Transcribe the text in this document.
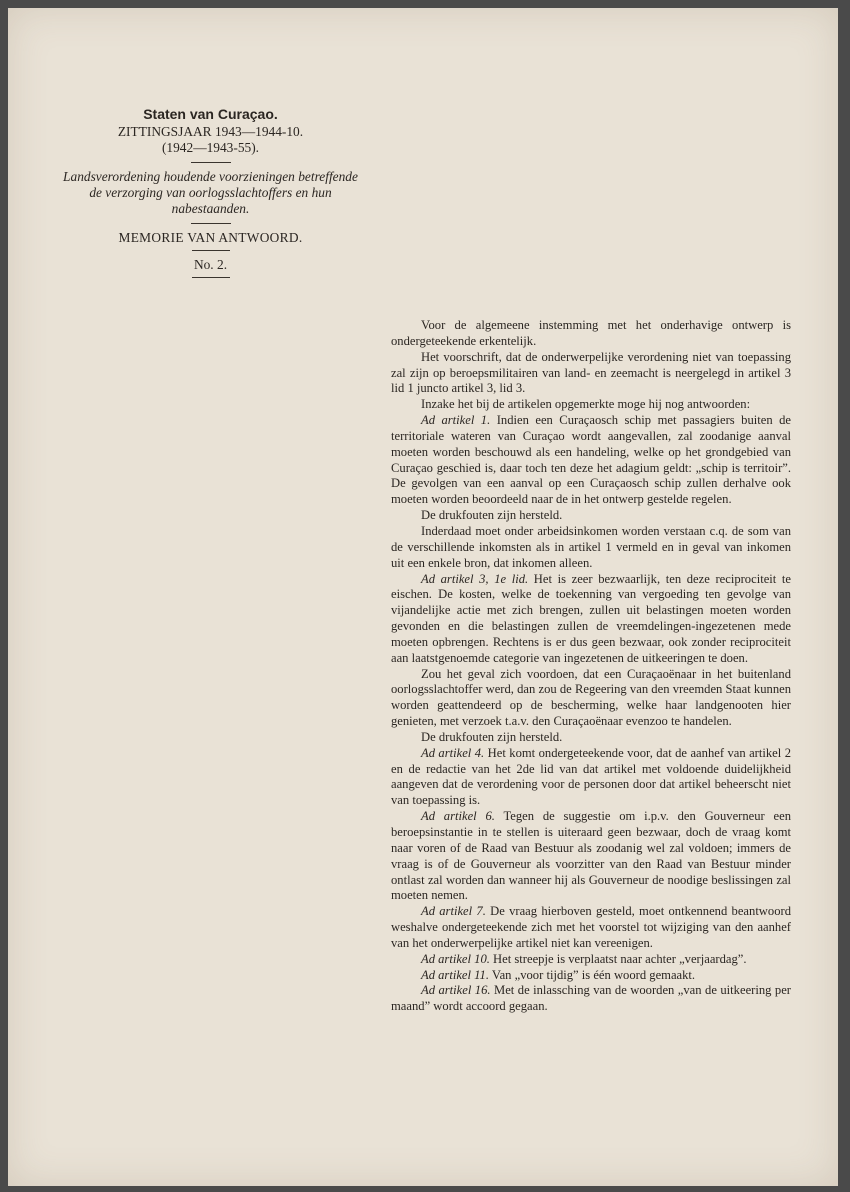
Staten van Curaçao.
ZITTINGSJAAR 1943—1944-10.
(1942—1943-55).
Landsverordening houdende voorzieningen betreffende de verzorging van oorlogsslachtoffers en hun nabestaanden.
MEMORIE VAN ANTWOORD.
No. 2.

Voor de algemeene instemming met het onderhavige ontwerp is ondergeteekende erkentelijk.

Het voorschrift, dat de onderwerpelijke verordening niet van toepassing zal zijn op beroepsmilitairen van land- en zeemacht is neergelegd in artikel 3 lid 1 juncto artikel 3, lid 3.

Inzake het bij de artikelen opgemerkte moge hij nog antwoorden:

Ad artikel 1. Indien een Curaçaosch schip met passagiers buiten de territoriale wateren van Curaçao wordt aangevallen, zal zoodanige aanval moeten worden beschouwd als een handeling, welke op het grondgebied van Curaçao geschied is, daar toch ten deze het adagium geldt: „schip is territoir”. De gevolgen van een aanval op een Curaçaosch schip zullen derhalve ook moeten worden beoordeeld naar de in het ontwerp gestelde regelen.

De drukfouten zijn hersteld.

Inderdaad moet onder arbeidsinkomen worden verstaan c.q. de som van de verschillende inkomsten als in artikel 1 vermeld en in geval van inkomen uit een enkele bron, dat inkomen alleen.

Ad artikel 3, 1e lid. Het is zeer bezwaarlijk, ten deze reciprociteit te eischen. De kosten, welke de toekenning van vergoeding ten gevolge van vijandelijke actie met zich brengen, zullen uit belastingen moeten worden gevonden en die belastingen zullen de vreemdelingen-ingezetenen mede moeten opbrengen. Rechtens is er dus geen bezwaar, ook zonder reciprociteit aan laatstgenoemde categorie van ingezetenen de uitkeeringen te doen.

Zou het geval zich voordoen, dat een Curaçaoënaar in het buitenland oorlogsslachtoffer werd, dan zou de Regeering van den vreemden Staat kunnen worden geattendeerd op de bescherming, welke haar landgenooten hier genieten, met verzoek t.a.v. den Curaçaoënaar evenzoo te handelen.

De drukfouten zijn hersteld.

Ad artikel 4. Het komt ondergeteekende voor, dat de aanhef van artikel 2 en de redactie van het 2de lid van dat artikel met voldoende duidelijkheid aangeven dat de verordening voor de personen door dat artikel beheerscht niet van toepassing is.

Ad artikel 6. Tegen de suggestie om i.p.v. den Gouverneur een beroepsinstantie in te stellen is uiteraard geen bezwaar, doch de vraag komt naar voren of de Raad van Bestuur als zoodanig wel zal voldoen; immers de vraag is of de Gouverneur als voorzitter van den Raad van Bestuur minder ontlast zal worden dan wanneer hij als Gouverneur de noodige beslissingen zal moeten nemen.

Ad artikel 7. De vraag hierboven gesteld, moet ontkennend beantwoord weshalve ondergeteekende zich met het voorstel tot wijziging van den aanhef van het onderwerpelijke artikel niet kan vereenigen.

Ad artikel 10. Het streepje is verplaatst naar achter „verjaardag”.

Ad artikel 11. Van „voor tijdig” is één woord gemaakt.

Ad artikel 16. Met de inlassching van de woorden „van de uitkeering per maand” wordt accoord gegaan.
